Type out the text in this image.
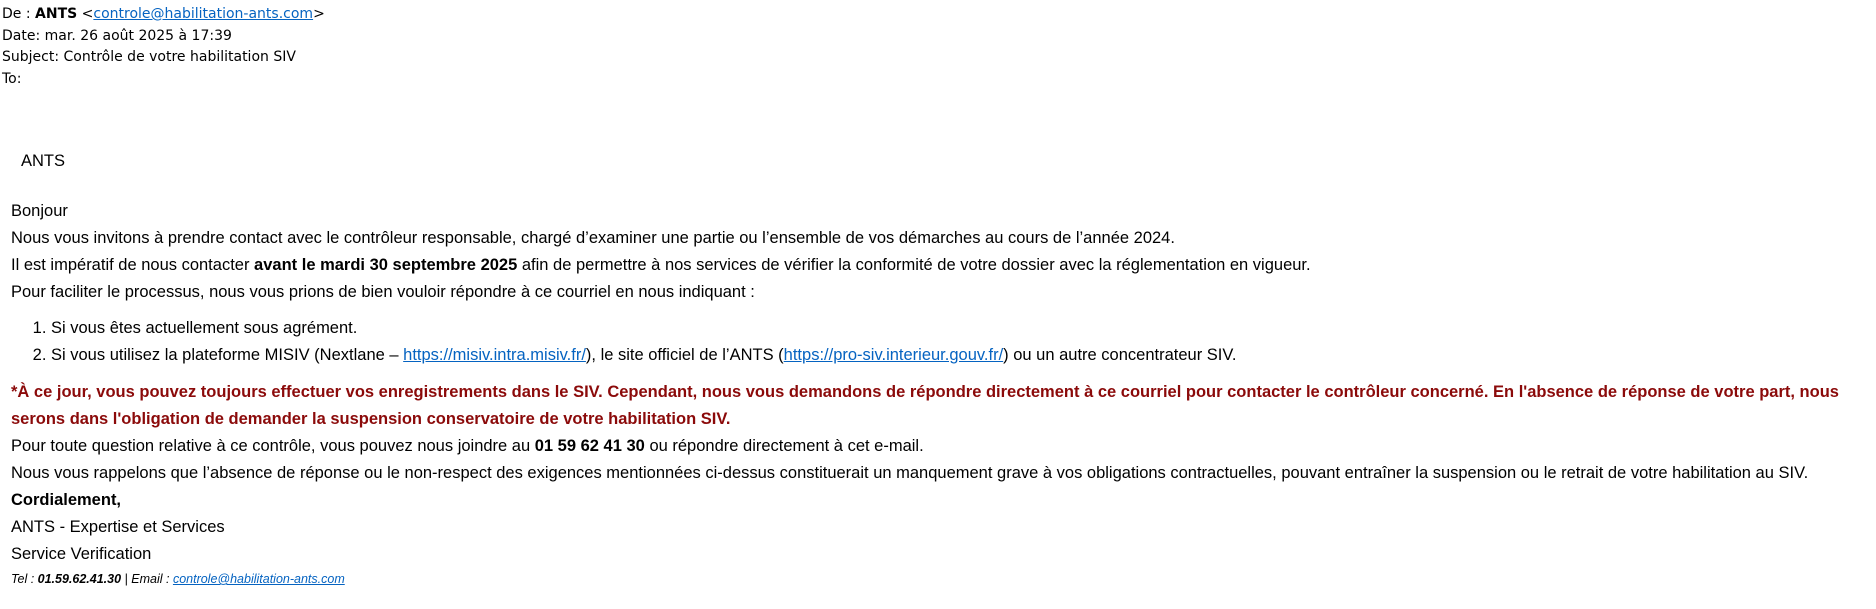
De : ANTS <controle@habilitation-ants.com>
Date: mar. 26 août 2025 à 17:39
Subject: Contrôle de votre habilitation SIV
To:
ANTS

Bonjour

Nous vous invitons à prendre contact avec le contrôleur responsable, chargé d’examiner une partie ou l’ensemble de vos démarches au cours de l’année 2024.

Il est impératif de nous contacter avant le mardi 30 septembre 2025 afin de permettre à nos services de vérifier la conformité de votre dossier avec la réglementation en vigueur.

Pour faciliter le processus, nous vous prions de bien vouloir répondre à ce courriel en nous indiquant :

1. Si vous êtes actuellement sous agrément.
2. Si vous utilisez la plateforme MISIV (Nextlane – https://misiv.intra.misiv.fr/), le site officiel de l’ANTS (https://pro-siv.interieur.gouv.fr/) ou un autre concentrateur SIV.

*À ce jour, vous pouvez toujours effectuer vos enregistrements dans le SIV. Cependant, nous vous demandons de répondre directement à ce courriel pour contacter le contrôleur concerné. En l'absence de réponse de votre part, nous serons dans l'obligation de demander la suspension conservatoire de votre habilitation SIV.

Pour toute question relative à ce contrôle, vous pouvez nous joindre au 01 59 62 41 30 ou répondre directement à cet e-mail.

Nous vous rappelons que l’absence de réponse ou le non-respect des exigences mentionnées ci-dessus constituerait un manquement grave à vos obligations contractuelles, pouvant entraîner la suspension ou le retrait de votre habilitation au SIV.

Cordialement,

ANTS - Expertise et Services

Service Verification

Tel : 01.59.62.41.30 | Email : controle@habilitation-ants.com
